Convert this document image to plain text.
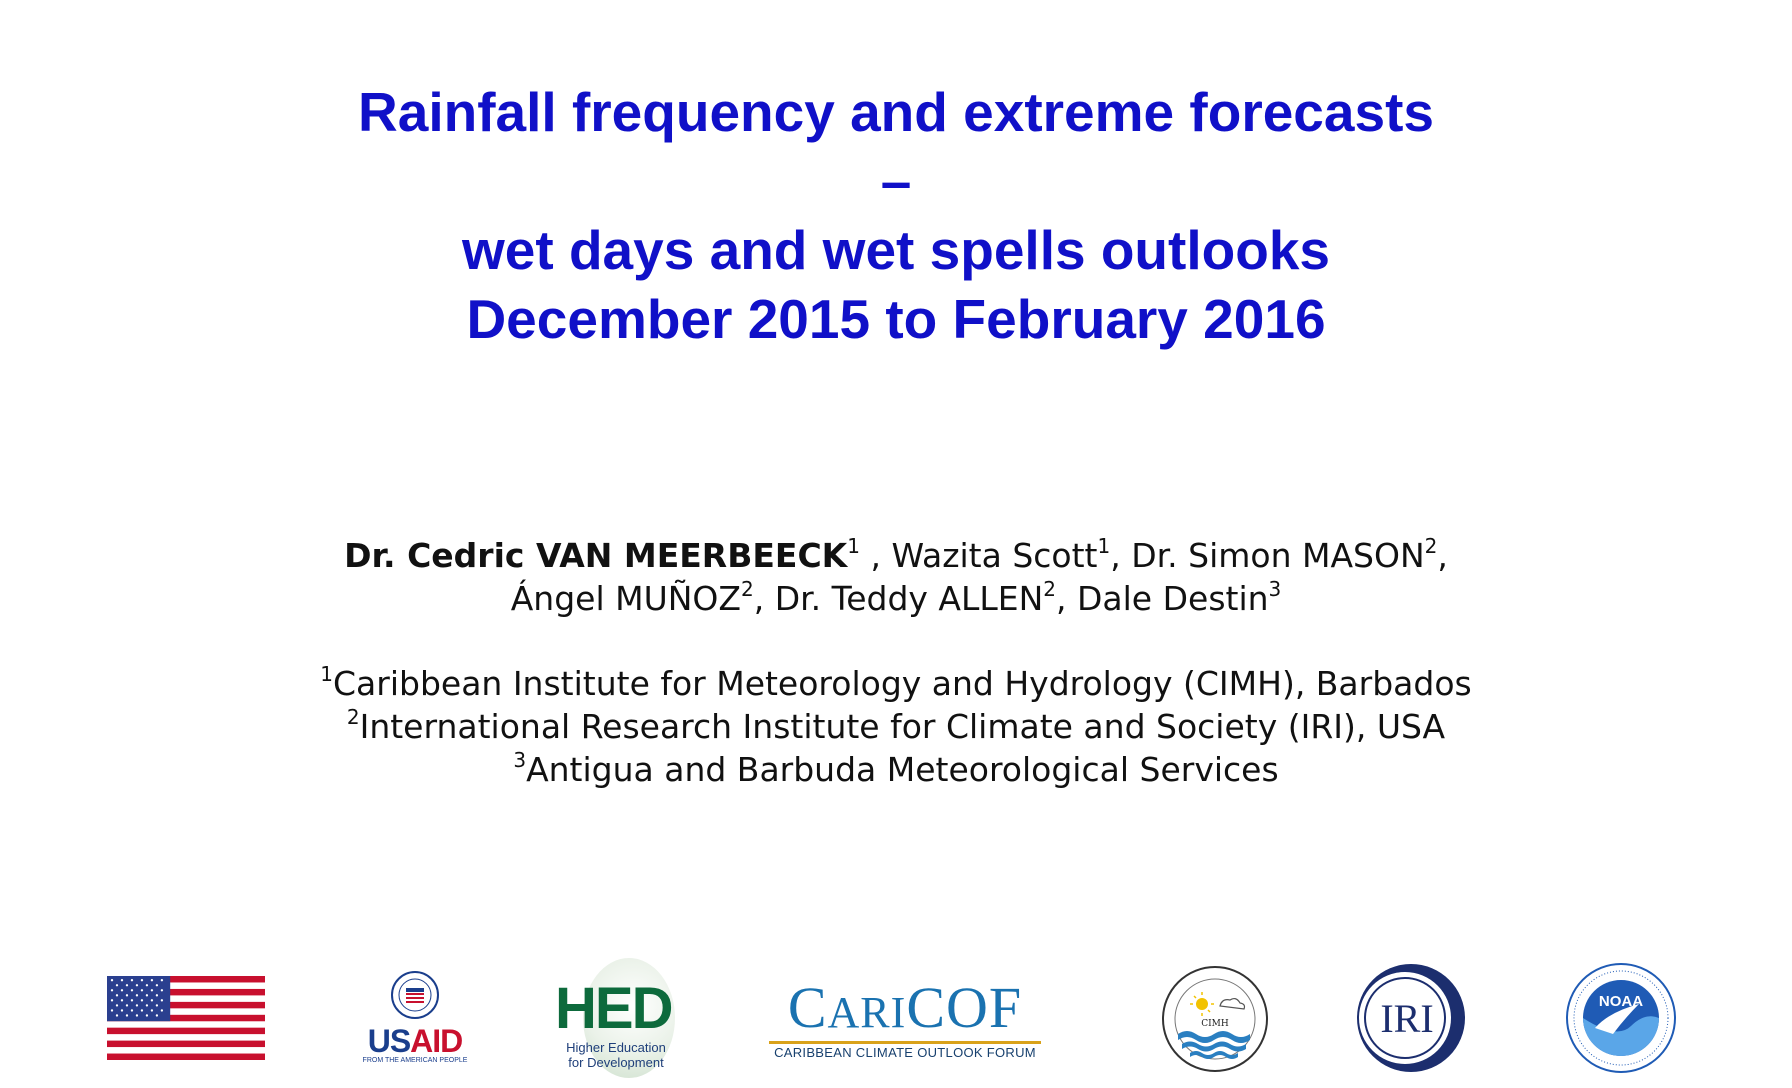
Rainfall frequency and extreme forecasts
–
wet days and wet spells outlooks
December 2015 to February 2016
Dr. Cedric VAN MEERBEECK$^1$ , Wazita Scott$^1$, Dr. Simon MASON$^2$,
Ángel MUÑOZ$^2$, Dr. Teddy ALLEN$^2$, Dale Destin$^3$
$^1$Caribbean Institute for Meteorology and Hydrology (CIMH), Barbados
$^2$International Research Institute for Climate and Society (IRI), USA
$^3$Antigua and Barbuda Meteorological Services
USAID
FROM THE AMERICAN PEOPLE
HED
Higher Education
for Development
CARICOF
CARIBBEAN CLIMATE OUTLOOK FORUM
CIMH	IRI	NOAA
